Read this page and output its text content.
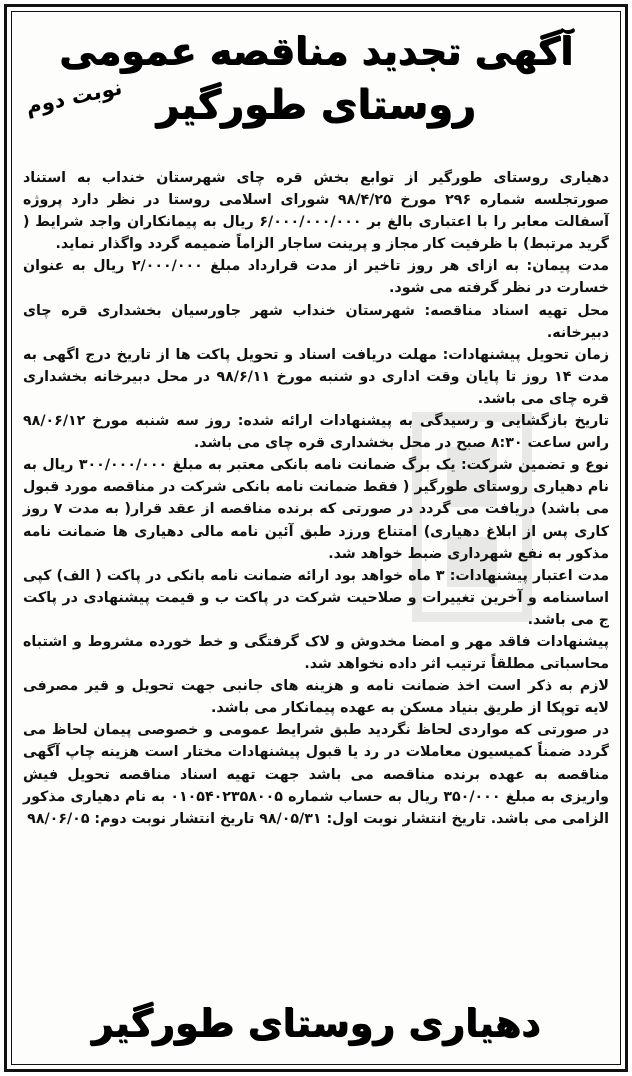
آگهی تجدید مناقصه عمومی
روستای طورگیر
نوبت دوم

دهیاری روستای طورگیر از توابع بخش قره چای شهرستان خنداب به استناد صورتجلسه شماره ۲۹۶ مورخ ۹۸/۴/۲۵ شورای اسلامی روستا در نظر دارد پروژه آسفالت معابر را با اعتباری بالغ بر ۶/۰۰۰/۰۰۰/۰۰۰ ریال به پیمانکاران واجد شرایط ( گرید مرتبط) با ظرفیت کار مجاز و پرینت ساجار الزاماً ضمیمه گردد واگذار نماید.

مدت پیمان: به ازای هر روز تاخیر از مدت قرارداد مبلغ ۲/۰۰۰/۰۰۰ ریال به عنوان خسارت در نظر گرفته می شود.

محل تهیه اسناد مناقصه: شهرستان خنداب شهر جاورسیان بخشداری قره چای دبیرخانه.

زمان تحویل پیشنهادات: مهلت دریافت اسناد و تحویل پاکت ها از تاریخ درج اگهی به مدت ۱۴ روز تا پایان وقت اداری دو شنبه مورخ ۹۸/۶/۱۱ در محل دبیرخانه بخشداری قره چای می باشد.

تاریخ بازگشایی و رسیدگی به پیشنهادات ارائه شده: روز سه شنبه مورخ ۹۸/۰۶/۱۲ راس ساعت ۸:۳۰ صبح در محل بخشداری قره چای می باشد.

نوع و تضمین شرکت: یک برگ ضمانت نامه بانکی معتبر به مبلغ ۳۰۰/۰۰۰/۰۰۰ ریال به نام دهیاری روستای طورگیر ( فقط ضمانت نامه بانکی شرکت در مناقصه مورد قبول می باشد) دریافت می گردد در صورتی که برنده مناقصه از عقد قرار( به مدت ۷ روز کاری پس از ابلاغ دهیاری) امتناع ورزد طبق آئین نامه مالی دهیاری ها ضمانت نامه مذکور به نفع شهرداری ضبط خواهد شد.

مدت اعتبار پیشنهادات: ۳ ماه خواهد بود ارائه ضمانت نامه بانکی در پاکت ( الف) کپی اساسنامه و آخرین تغییرات و صلاحیت شرکت در پاکت ب و قیمت پیشنهادی در پاکت ج می باشد.

پیشنهادات فاقد مهر و امضا مخدوش و لاک گرفتگی و خط خورده مشروط و اشتباه محاسباتی مطلقاً ترتیب اثر داده نخواهد شد.

لازم به ذکر است اخذ ضمانت نامه و هزینه های جانبی جهت تحویل و قیر مصرفی لایه توپکا از طریق بنیاد مسکن به عهده پیمانکار می باشد.

در صورتی که مواردی لحاظ نگردید طبق شرایط عمومی و خصوصی پیمان لحاظ می گردد ضمناً کمیسیون معاملات در رد یا قبول پیشنهادات مختار است هزینه چاپ آگهی مناقصه به عهده برنده مناقصه می باشد جهت تهیه اسناد مناقصه تحویل فیش واریزی به مبلغ ۳۵۰/۰۰۰ ریال به حساب شماره ۰۱۰۵۴۰۲۳۵۸۰۰۵ به نام دهیاری مذکور الزامی می باشد. تاریخ انتشار نوبت اول: ۹۸/۰۵/۳۱ تاریخ انتشار نوبت دوم: ۹۸/۰۶/۰۵

دهیاری روستای طورگیر
